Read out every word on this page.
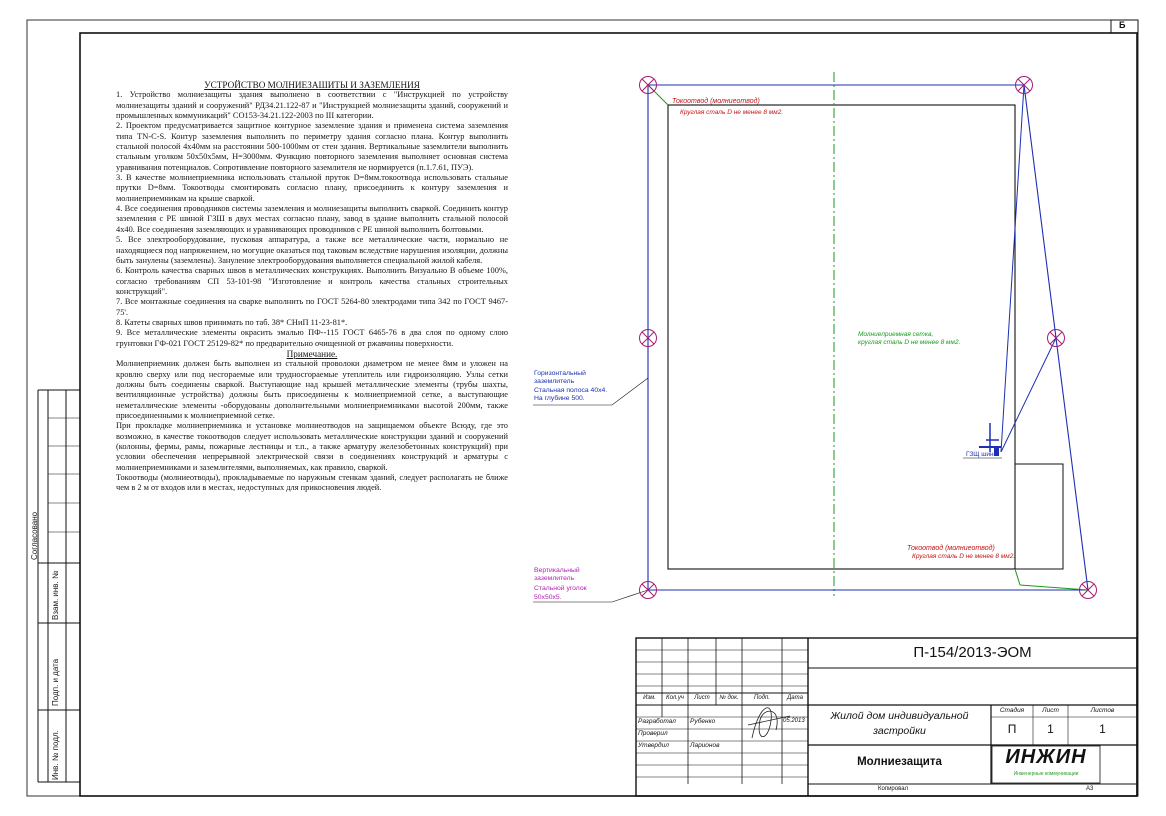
Б
Инв. № подл.
Подп. и дата
Взам. инв. №
Согласовано

УСТРОЙСТВО МОЛНИЕЗАШИТЫ И ЗАЗЕМЛЕНИЯ

1. Устройство молниезащиты здания выполнено в соответствии с "Инструкцией по устройству молниезащиты зданий и сооружений" РД34.21.122-87 и "Инструкцией молниезащиты зданий, сооружений и промышленных коммуникаций" СО153-34.21.122-2003 по III категории.

2. Проектом предусматривается защитное контурное заземление здания и применена система заземления типа TN-C-S. Контур заземления выполнить по периметру здания согласно плана. Контур выполнить стальной полосой 4х40мм на расстоянии 500-1000мм от стен здания. Вертикальные заземлители выполнить стальным уголком 50х50х5мм, H=3000мм. Функцию повторного заземления выполняет основная система уравнивания потенциалов. Сопротивление повторного заземлителя не нормируется (п.1.7.61, ПУЭ).

3. В качестве молниеприемника использовать стальной пруток D=8мм.токоотвода использовать стальные прутки D=8мм. Токоотводы смонтировать согласно плану, присоединить к контуру заземления и молниеприемникам на крыше сваркой.

4. Все соединения проводников системы заземления и молниезащиты выполнить сваркой. Соединить контур заземления с РЕ шиной ГЗШ в двух местах согласно плану, завод в здание выполнить стальной полосой 4х40. Все соединения заземляющих и уравнивающих проводников с РЕ шиной выполнить болтовыми.

5. Все электрооборудование, пусковая аппаратура, а также все металлические части, нормально не находящиеся под напряжением, но могущие оказаться под таковым вследствие нарушения изоляции, должны быть занулены (заземлены). Зануление электрооборудования выполняется специальной жилой кабеля.

6. Контроль качества сварных швов в металлических конструкциях. Выполнить Визуально В объеме 100%, согласно требованиям СП 53-101-98 "Изготовление и контроль качества стальных строительных конструкций".

7. Все монтажные соединения на сварке выполнить по ГОСТ 5264-80 электродами типа 342 по ГОСТ 9467-75'.

8. Катеты сварных швов принимать по таб. 38* СНиП 11-23-81*.

9. Все металлические элементы окрасить эмалью ПФ--115 ГОСТ 6465-76 в два слоя по одному слою грунтовки ГФ-021 ГОСТ 25129-82* по предварительно очищенной от ржавчины поверхности.

Примечание.

Молниеприемник должен быть выполнен из стальной проволоки диаметром не менее 8мм и уложен на кровлю сверху или под несгораемые или трудносгораемые утеплитель или гидроизоляцию. Узлы сетки должны быть соединены сваркой. Выступающие над крышей металлические элементы (трубы шахты, вентиляционные устройства) должны быть присоединены к молниеприемной сетке, а выступающие неметаллические элементы -оборудованы дополнительными молниеприемниками высотой 200мм, также присоединенными к молниеприемной сетке.

При прокладке молниеприемника и установке молниеотводов на защищаемом объекте Всюду, где это возможно, в качестве токоотводов следует использовать металлические конструкции зданий и сооружений (колонны, фермы, рамы, пожарные лестницы и т.п., а также арматуру железобетонных конструкций) при условии обеспечения непрерывной электрической связи в соединениях конструкций и арматуры с молниеприемниками и заземлителями, выполняемых, как правило, сваркой.

Токоотводы (молниеотводы), прокладываемые по наружным стенкам зданий, следует располагать не ближе чем в 2 м от входов или в местах, недоступных для прикосновения людей.

Токоотвод (молниеотвод)
Круглая сталь D не менее 8 мм2.
Молниеприемная сетка,
круглая сталь D не менее 8 мм2.
Горизонтальный
заземлитель
Стальная полоса 40х4.
На глубине 500.
ГЗЩ шина
Токоотвод (молниеотвод)
Круглая сталь D не менее 8 мм2.
Вертикальный
заземлитель
Стальной уголок
50х50х5.
П-154/2013-ЭОМ
Изм.	Кол.уч	Лист	№ док.	Подп.	Дата
Разработал Рубенко
Проверил
Утвердил	Ларионов
05.2013	Жилой дом индивидуальной
застройки
Стадия	Лист	Листов
П	1	1
Молниезащита	ИНЖИН
Инженерные коммуникации
Копировал	А3
